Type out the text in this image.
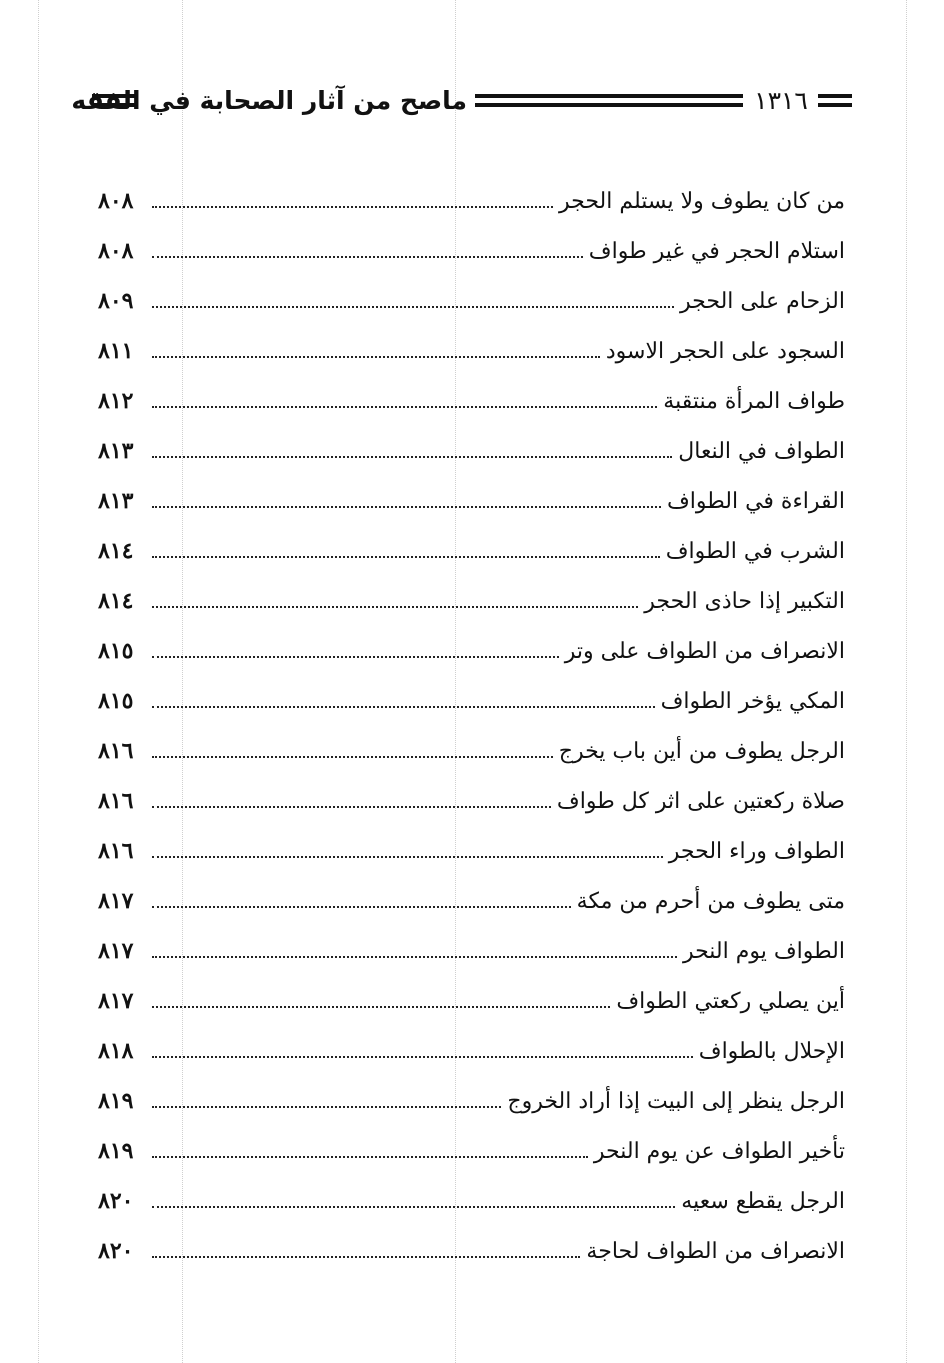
ماصح من آثار الصحابة في الفقه	١٣١٦
من كان يطوف ولا يستلم الحجر
٨٠٨
استلام الحجر في غير طواف
٨٠٨
الزحام على الحجر
٨٠٩
السجود على الحجر الاسود
٨١١
طواف المرأة منتقبة
٨١٢
الطواف في النعال
٨١٣
القراءة في الطواف
٨١٣
الشرب في الطواف
٨١٤
التكبير إذا حاذى الحجر
٨١٤
الانصراف من الطواف على وتر
٨١٥
المكي يؤخر الطواف
٨١٥
الرجل يطوف من أين باب يخرج
٨١٦
صلاة ركعتين على اثر كل طواف
٨١٦
الطواف وراء الحجر
٨١٦
متى يطوف من أحرم من مكة
٨١٧
الطواف يوم النحر
٨١٧
أين يصلي ركعتي الطواف
٨١٧
الإحلال بالطواف
٨١٨
الرجل ينظر إلى البيت إذا أراد الخروج
٨١٩
تأخير الطواف عن يوم النحر
٨١٩
الرجل يقطع سعيه
٨٢٠
الانصراف من الطواف لحاجة
٨٢٠
